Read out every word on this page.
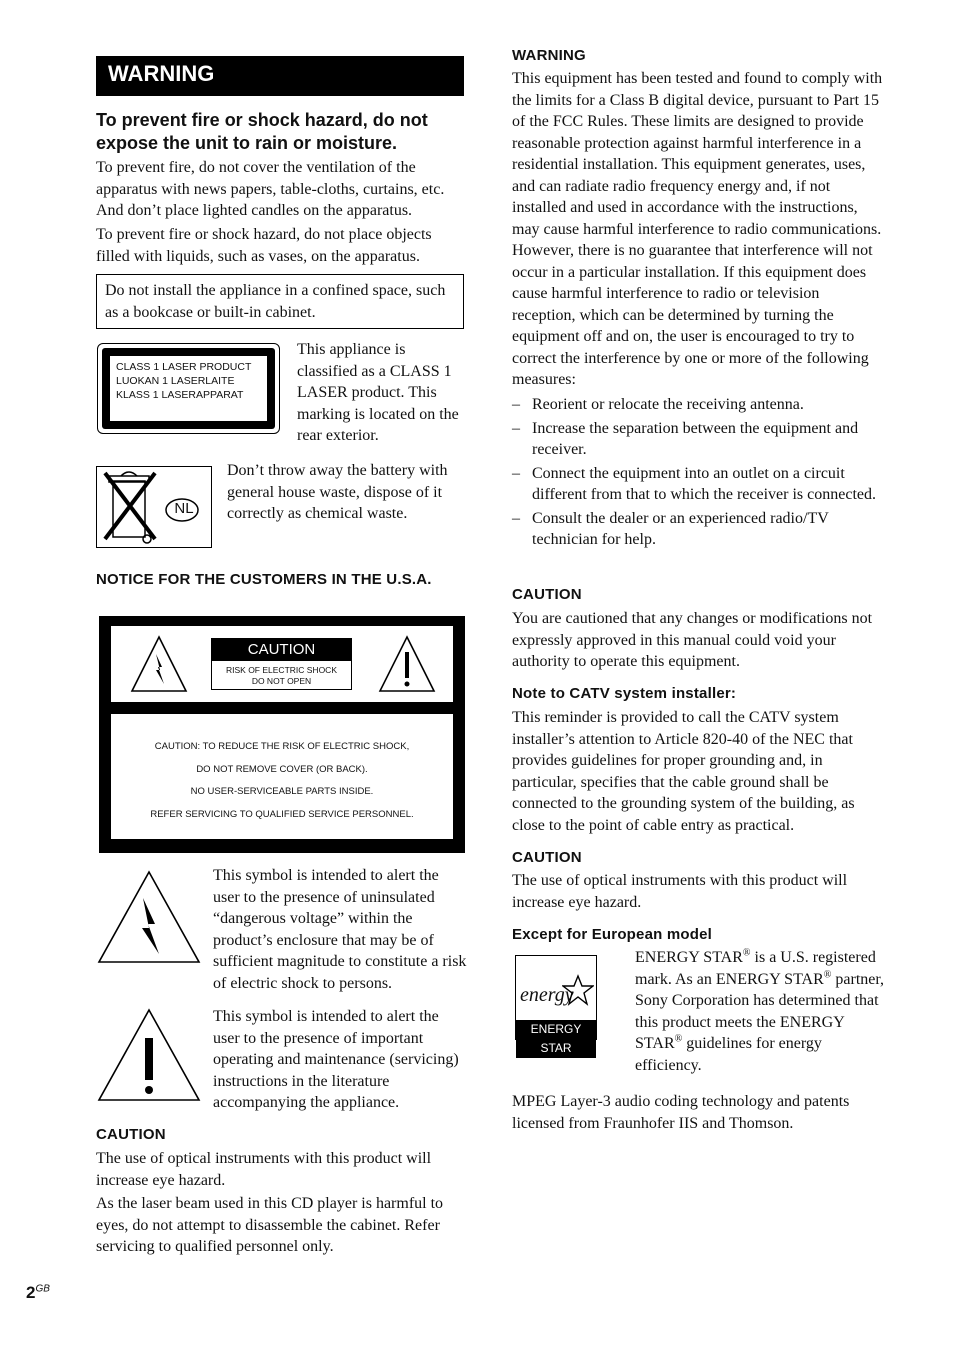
WARNING

To prevent fire or shock hazard, do not expose the unit to rain or moisture.

To prevent fire, do not cover the ventilation of the apparatus with news papers, table-cloths, curtains, etc. And don’t place lighted candles on the apparatus.

To prevent fire or shock hazard, do not place objects filled with liquids, such as vases, on the apparatus.

Do not install the appliance in a confined space, such as a bookcase or built-in cabinet.

CLASS 1 LASER PRODUCT
LUOKAN 1 LASERLAITE
KLASS 1 LASERAPPARAT

This appliance is classified as a CLASS 1 LASER product. This marking is located on the rear exterior.

NL

Don’t throw away the battery with general house waste, dispose of it correctly as chemical waste.

NOTICE FOR THE CUSTOMERS IN THE U.S.A.

CAUTION
RISK OF ELECTRIC SHOCK
DO NOT OPEN
CAUTION: TO REDUCE THE RISK OF ELECTRIC SHOCK,
DO NOT REMOVE COVER (OR BACK).
NO USER-SERVICEABLE PARTS INSIDE.
REFER SERVICING TO QUALIFIED SERVICE PERSONNEL.

This symbol is intended to alert the user to the presence of uninsulated “dangerous voltage” within the product’s enclosure that may be of sufficient magnitude to constitute a risk of electric shock to persons.

This symbol is intended to alert the user to the presence of important operating and maintenance (servicing) instructions in the literature accompanying the appliance.

CAUTION

The use of optical instruments with this product will increase eye hazard.

As the laser beam used in this CD player is harmful to eyes, do not attempt to disassemble the cabinet. Refer servicing to qualified personnel only.

WARNING

This equipment has been tested and found to comply with the limits for a Class B digital device, pursuant to Part 15 of the FCC Rules. These limits are designed to provide reasonable protection against harmful interference in a residential installation. This equipment generates, uses, and can radiate radio frequency energy and, if not installed and used in accordance with the instructions, may cause harmful interference to radio communications. However, there is no guarantee that interference will not occur in a particular installation. If this equipment does cause harmful interference to radio or television reception, which can be determined by turning the equipment off and on, the user is encouraged to try to correct the interference by one or more of the following measures:

– Reorient or relocate the receiving antenna.
– Increase the separation between the equipment and receiver.
– Connect the equipment into an outlet on a circuit different from that to which the receiver is connected.
– Consult the dealer or an experienced radio/TV technician for help.

CAUTION

You are cautioned that any changes or modifications not expressly approved in this manual could void your authority to operate this equipment.

Note to CATV system installer:

This reminder is provided to call the CATV system installer’s attention to Article 820-40 of the NEC that provides guidelines for proper grounding and, in particular, specifies that the cable ground shall be connected to the grounding system of the building, as close to the point of cable entry as practical.

CAUTION

The use of optical instruments with this product will increase eye hazard.

Except for European model

energy
ENERGY STAR

ENERGY STAR® is a U.S. registered mark. As an ENERGY STAR® partner, Sony Corporation has determined that this product meets the ENERGY STAR® guidelines for energy efficiency.

MPEG Layer-3 audio coding technology and patents licensed from Fraunhofer IIS and Thomson.

$2^{GB}$
